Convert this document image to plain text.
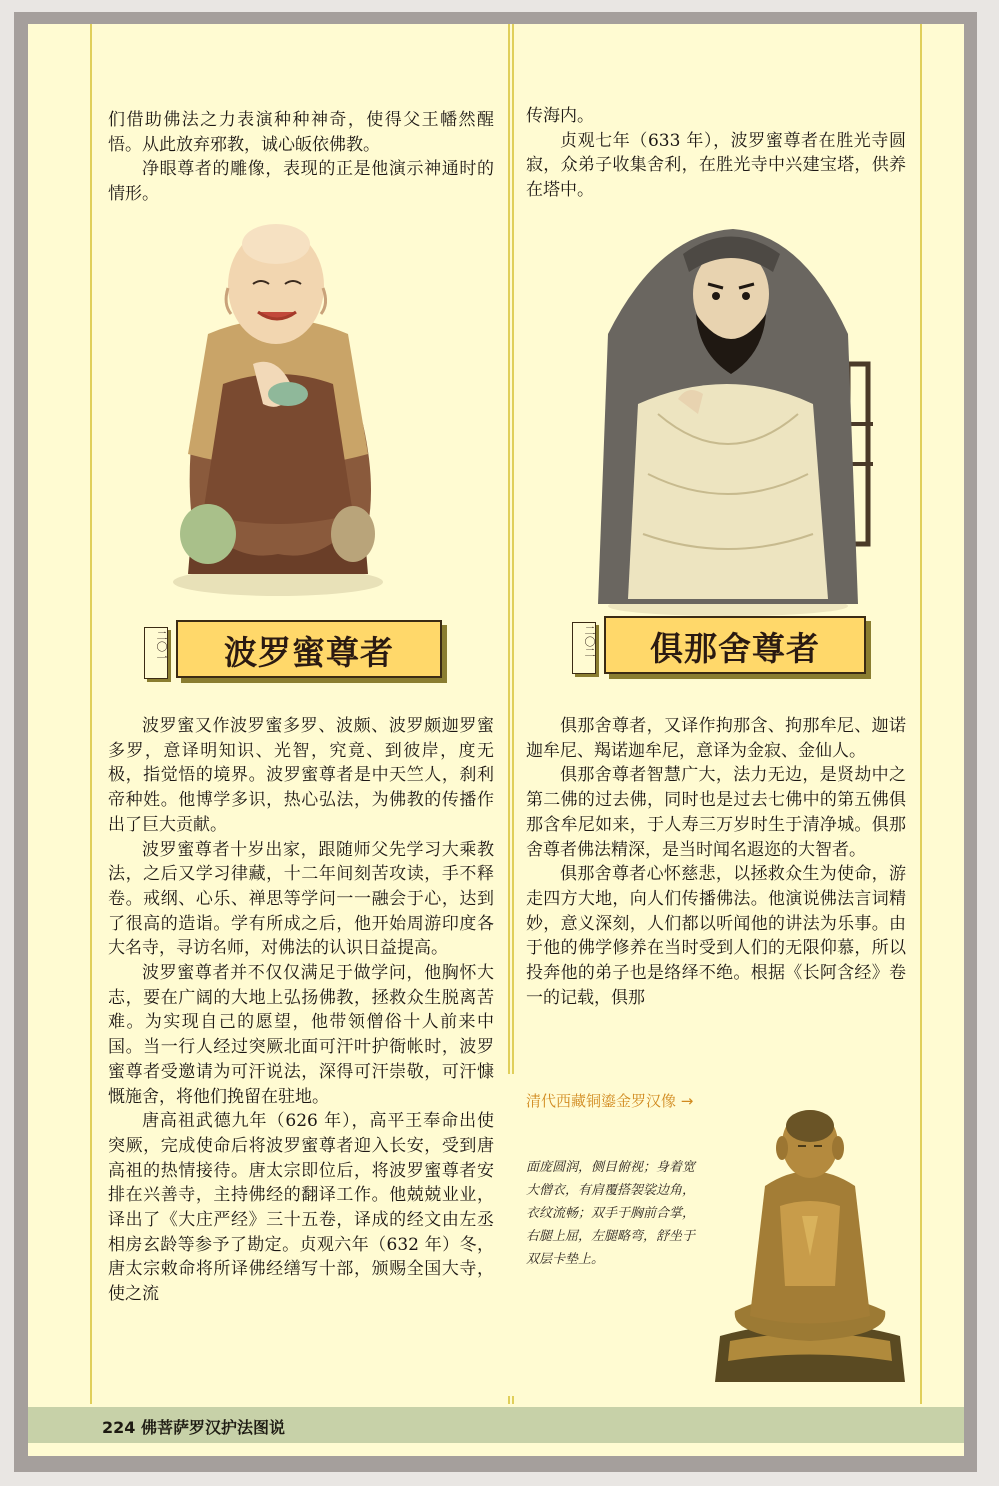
们借助佛法之力表演种种神奇，使得父王幡然醒悟。从此放弃邪教，诚心皈依佛教。
净眼尊者的雕像，表现的正是他演示神通时的情形。
传海内。
贞观七年（633 年），波罗蜜尊者在胜光寺圆寂，众弟子收集舍利，在胜光寺中兴建宝塔，供养在塔中。
二〇一	波罗蜜尊者	二〇二	俱那舍尊者
波罗蜜又作波罗蜜多罗、波颇、波罗颇迦罗蜜多罗，意译明知识、光智，究竟、到彼岸，度无极，指觉悟的境界。波罗蜜尊者是中天竺人，刹利帝种姓。他博学多识，热心弘法，为佛教的传播作出了巨大贡献。
波罗蜜尊者十岁出家，跟随师父先学习大乘教法，之后又学习律藏，十二年间刻苦攻读，手不释卷。戒纲、心乐、禅思等学问一一融会于心，达到了很高的造诣。学有所成之后，他开始周游印度各大名寺，寻访名师，对佛法的认识日益提高。
波罗蜜尊者并不仅仅满足于做学问，他胸怀大志，要在广阔的大地上弘扬佛教，拯救众生脱离苦难。为实现自己的愿望，他带领僧俗十人前来中国。当一行人经过突厥北面可汗叶护衙帐时，波罗蜜尊者受邀请为可汗说法，深得可汗崇敬，可汗慷慨施舍，将他们挽留在驻地。
唐高祖武德九年（626 年），高平王奉命出使突厥，完成使命后将波罗蜜尊者迎入长安，受到唐高祖的热情接待。唐太宗即位后，将波罗蜜尊者安排在兴善寺，主持佛经的翻译工作。他兢兢业业，译出了《大庄严经》三十五卷，译成的经文由左丞相房玄龄等参予了勘定。贞观六年（632 年）冬，唐太宗敕命将所译佛经缮写十部，颁赐全国大寺，使之流
俱那舍尊者，又译作拘那含、拘那牟尼、迦诺迦牟尼、羯诺迦牟尼，意译为金寂、金仙人。
俱那舍尊者智慧广大，法力无边，是贤劫中之第二佛的过去佛，同时也是过去七佛中的第五佛俱那含牟尼如来，于人寿三万岁时生于清净城。俱那舍尊者佛法精深，是当时闻名遐迩的大智者。
俱那舍尊者心怀慈悲，以拯救众生为使命，游走四方大地，向人们传播佛法。他演说佛法言词精妙，意义深刻，人们都以听闻他的讲法为乐事。由于他的佛学修养在当时受到人们的无限仰慕，所以投奔他的弟子也是络绎不绝。根据《长阿含经》卷一的记载，俱那
清代西藏铜鎏金罗汉像 →
面庞圆润，侧目俯视；身着宽大僧衣，有肩覆搭袈裟边角，衣纹流畅；双手于胸前合掌，右腿上屈，左腿略弯，舒坐于双层卡垫上。
224 佛菩萨罗汉护法图说
